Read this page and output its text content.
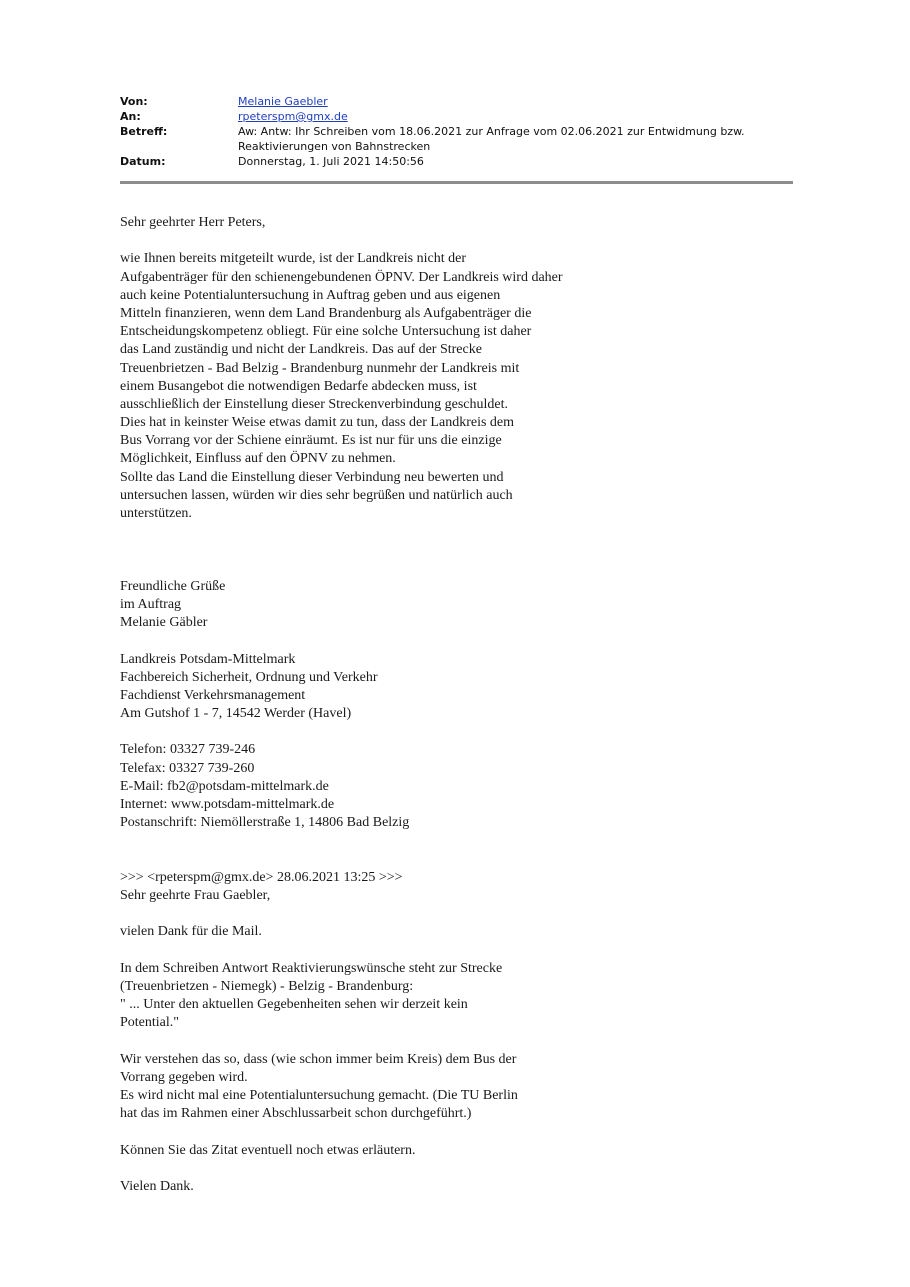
Von:	Melanie Gaebler
An:	rpeterspm@gmx.de
Betreff:	Aw: Antw: Ihr Schreiben vom 18.06.2021 zur Anfrage vom 02.06.2021 zur Entwidmung bzw.
Reaktivierungen von Bahnstrecken
Datum:	Donnerstag, 1. Juli 2021 14:50:56
Sehr geehrter Herr Peters,
wie Ihnen bereits mitgeteilt wurde, ist der Landkreis nicht der
Aufgabenträger für den schienengebundenen ÖPNV. Der Landkreis wird daher
auch keine Potentialuntersuchung in Auftrag geben und aus eigenen
Mitteln finanzieren, wenn dem Land Brandenburg als Aufgabenträger die
Entscheidungskompetenz obliegt. Für eine solche Untersuchung ist daher
das Land zuständig und nicht der Landkreis. Das auf der Strecke
Treuenbrietzen - Bad Belzig - Brandenburg nunmehr der Landkreis mit
einem Busangebot die notwendigen Bedarfe abdecken muss, ist
ausschließlich der Einstellung dieser Streckenverbindung geschuldet.
Dies hat in keinster Weise etwas damit zu tun, dass der Landkreis dem
Bus Vorrang vor der Schiene einräumt. Es ist nur für uns die einzige
Möglichkeit, Einfluss auf den ÖPNV zu nehmen.
Sollte das Land die Einstellung dieser Verbindung neu bewerten und
untersuchen lassen, würden wir dies sehr begrüßen und natürlich auch
unterstützen.
Freundliche Grüße
im Auftrag
Melanie Gäbler
Landkreis Potsdam-Mittelmark
Fachbereich Sicherheit, Ordnung und Verkehr
Fachdienst Verkehrsmanagement
Am Gutshof 1 - 7, 14542 Werder (Havel)
Telefon: 03327 739-246
Telefax: 03327 739-260
E-Mail: fb2@potsdam-mittelmark.de
Internet: www.potsdam-mittelmark.de
Postanschrift: Niemöllerstraße 1, 14806 Bad Belzig
>>> <rpeterspm@gmx.de> 28.06.2021 13:25 >>>
Sehr geehrte Frau Gaebler,
vielen Dank für die Mail.
In dem Schreiben Antwort Reaktivierungswünsche steht zur Strecke
(Treuenbrietzen - Niemegk) - Belzig - Brandenburg:
" ... Unter den aktuellen Gegebenheiten sehen wir derzeit kein
Potential."
Wir verstehen das so, dass (wie schon immer beim Kreis) dem Bus der
Vorrang gegeben wird.
Es wird nicht mal eine Potentialuntersuchung gemacht. (Die TU Berlin
hat das im Rahmen einer Abschlussarbeit schon durchgeführt.)
Können Sie das Zitat eventuell noch etwas erläutern.
Vielen Dank.
